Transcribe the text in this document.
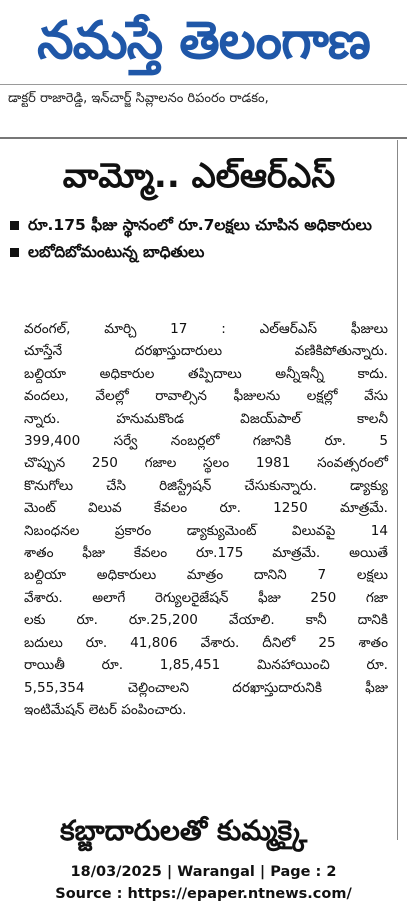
నమస్తే తెలంగాణ
డాక్టర్ రాజారెడ్డి, ఇన్‌చార్జ్ సివ్లాలనం రిపంరం రాడకం,
వామ్మో.. ఎల్ఆర్ఎస్
రూ.175 ఫీజు స్థానంలో రూ.7లక్షలు చూపిన అధికారులు
లబోదిబోమంటున్న బాధితులు
వరంగల్, మార్చి 17 : ఎల్ఆర్ఎస్ ఫీజులు
చూస్తేనే దరఖాస్తుదారులు వణికిపోతున్నారు.
బల్దియా అధికారుల తప్పిదాలు అన్నీఇన్నీ కాదు.
వందలు, వేలల్లో రావాల్సిన ఫీజులను లక్షల్లో వేసు
న్నారు. హనుమకొండ విజయ్‌పాల్ కాలనీ
399,400 సర్వే నంబర్లలో గజానికి రూ. 5
చొప్పున 250 గజాల స్థలం 1981 సంవత్సరంలో
కొనుగోలు చేసి రిజిస్ట్రేషన్ చేసుకున్నారు. డ్యాక్యు
మెంట్ విలువ కేవలం రూ. 1250 మాత్రమే.
నిబంధనల ప్రకారం డ్యాక్యుమెంట్ విలువపై 14
శాతం ఫీజు కేవలం రూ.175 మాత్రమే. అయితే
బల్దియా అధికారులు మాత్రం దానిని 7 లక్షలు
వేశారు. అలాగే రెగ్యులరైజేషన్ ఫీజు 250 గజా
లకు రూ. రూ.25,200 వేయాలి. కానీ దానికి
బదులు రూ. 41,806 వేశారు. దీనిలో 25 శాతం
రాయితీ రూ. 1,85,451 మినహాయించి రూ.
5,55,354 చెల్లించాలని దరఖాస్తుదారునికి ఫీజు
ఇంటిమేషన్ లెటర్ పంపించారు.
కబ్జాదారులతో కుమ్మక్కై
18/03/2025 | Warangal | Page : 2
Source : https://epaper.ntnews.com/
